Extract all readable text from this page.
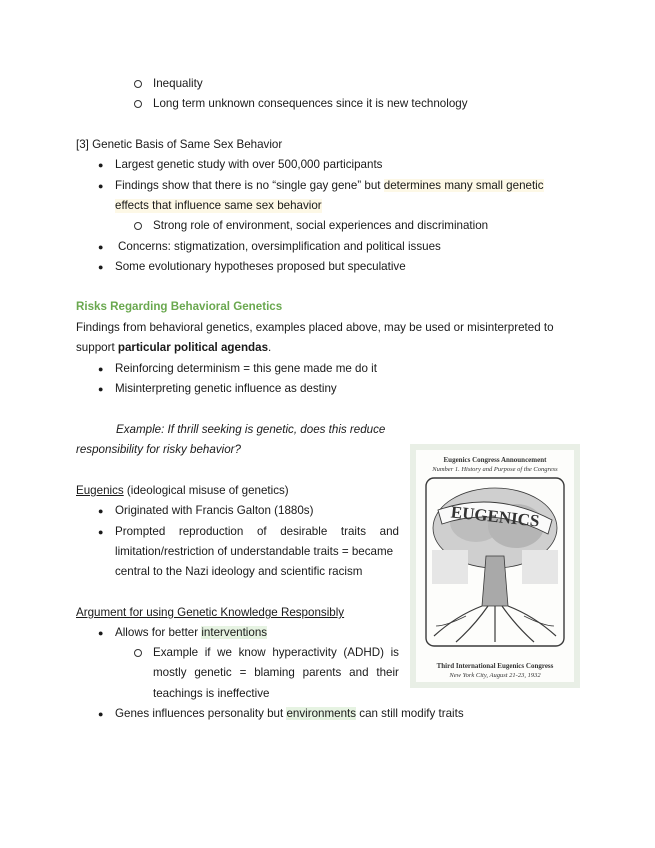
Inequality
Long term unknown consequences since it is new technology
[3] Genetic Basis of Same Sex Behavior
● Largest genetic study with over 500,000 participants
● Findings show that there is no “single gay gene” but determines many small genetic
effects that influence same sex behavior
Strong role of environment, social experiences and discrimination
● Concerns: stigmatization, oversimplification and political issues
● Some evolutionary hypotheses proposed but speculative
Risks Regarding Behavioral Genetics
Findings from behavioral genetics, examples placed above, may be used or misinterpreted to
support particular political agendas.
● Reinforcing determinism = this gene made me do it
● Misinterpreting genetic influence as destiny
Example: If thrill seeking is genetic, does this reduce
responsibility for risky behavior?
Eugenics (ideological misuse of genetics)
● Originated with Francis Galton (1880s)
● Prompted reproduction of desirable traits and
limitation/restriction of understandable traits = became
central to the Nazi ideology and scientific racism
Argument for using Genetic Knowledge Responsibly
● Allows for better interventions
Example if we know hyperactivity (ADHD) is
mostly genetic = blaming parents and their
teachings is ineffective
● Genes influences personality but environments can still modify traits
Eugenics Congress Announcement
Number 1. History and Purpose of the Congress
EUGENICS
Third International Eugenics Congress
New York City, August 21-23, 1932
